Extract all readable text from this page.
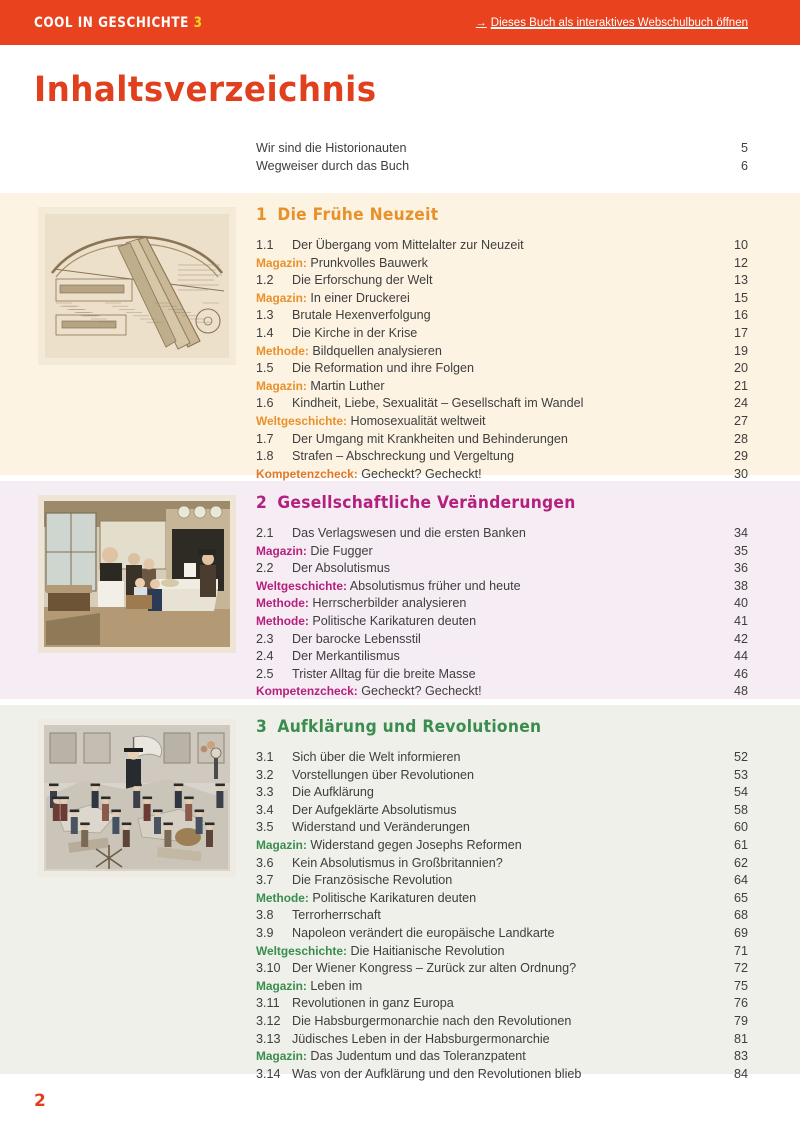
COOL IN GESCHICHTE 3	→ Dieses Buch als interaktives Webschulbuch öffnen
Inhaltsverzeichnis
Wir sind die Historionauten	5
Wegweiser durch das Buch	6
1 Die Frühe Neuzeit
1.1	Der Übergang vom Mittelalter zur Neuzeit	10
Magazin: Prunkvolles Bauwerk	12
1.2	Die Erforschung der Welt	13
Magazin: In einer Druckerei	15
1.3	Brutale Hexenverfolgung	16
1.4	Die Kirche in der Krise	17
Methode: Bildquellen analysieren	19
1.5	Die Reformation und ihre Folgen	20
Magazin: Martin Luther	21
1.6	Kindheit, Liebe, Sexualität – Gesellschaft im Wandel	24
Weltgeschichte: Homosexualität weltweit	27
1.7	Der Umgang mit Krankheiten und Behinderungen	28
1.8	Strafen – Abschreckung und Vergeltung	29
Kompetenzcheck: Gecheckt? Gecheckt!	30
2 Gesellschaftliche Veränderungen
2.1	Das Verlagswesen und die ersten Banken	34
Magazin: Die Fugger	35
2.2	Der Absolutismus	36
Weltgeschichte: Absolutismus früher und heute	38
Methode: Herrscherbilder analysieren	40
Methode: Politische Karikaturen deuten	41
2.3	Der barocke Lebensstil	42
2.4	Der Merkantilismus	44
2.5	Trister Alltag für die breite Masse	46
Kompetenzcheck: Gecheckt? Gecheckt!	48
3 Aufklärung und Revolutionen
3.1	Sich über die Welt informieren	52
3.2	Vorstellungen über Revolutionen	53
3.3	Die Aufklärung	54
3.4	Der Aufgeklärte Absolutismus	58
3.5	Widerstand und Veränderungen	60
Magazin: Widerstand gegen Josephs Reformen	61
3.6	Kein Absolutismus in Großbritannien?	62
3.7	Die Französische Revolution	64
Methode: Politische Karikaturen deuten	65
3.8	Terrorherrschaft	68
3.9	Napoleon verändert die europäische Landkarte	69
Weltgeschichte: Die Haitianische Revolution	71
3.10 Der Wiener Kongress – Zurück zur alten Ordnung?	72
Magazin: Leben im	75
3.11 Revolutionen in ganz Europa	76
3.12 Die Habsburgermonarchie nach den Revolutionen	79
3.13 Jüdisches Leben in der Habsburgermonarchie	81
Magazin: Das Judentum und das Toleranzpatent	83
3.14 Was von der Aufklärung und den Revolutionen blieb	84
2
